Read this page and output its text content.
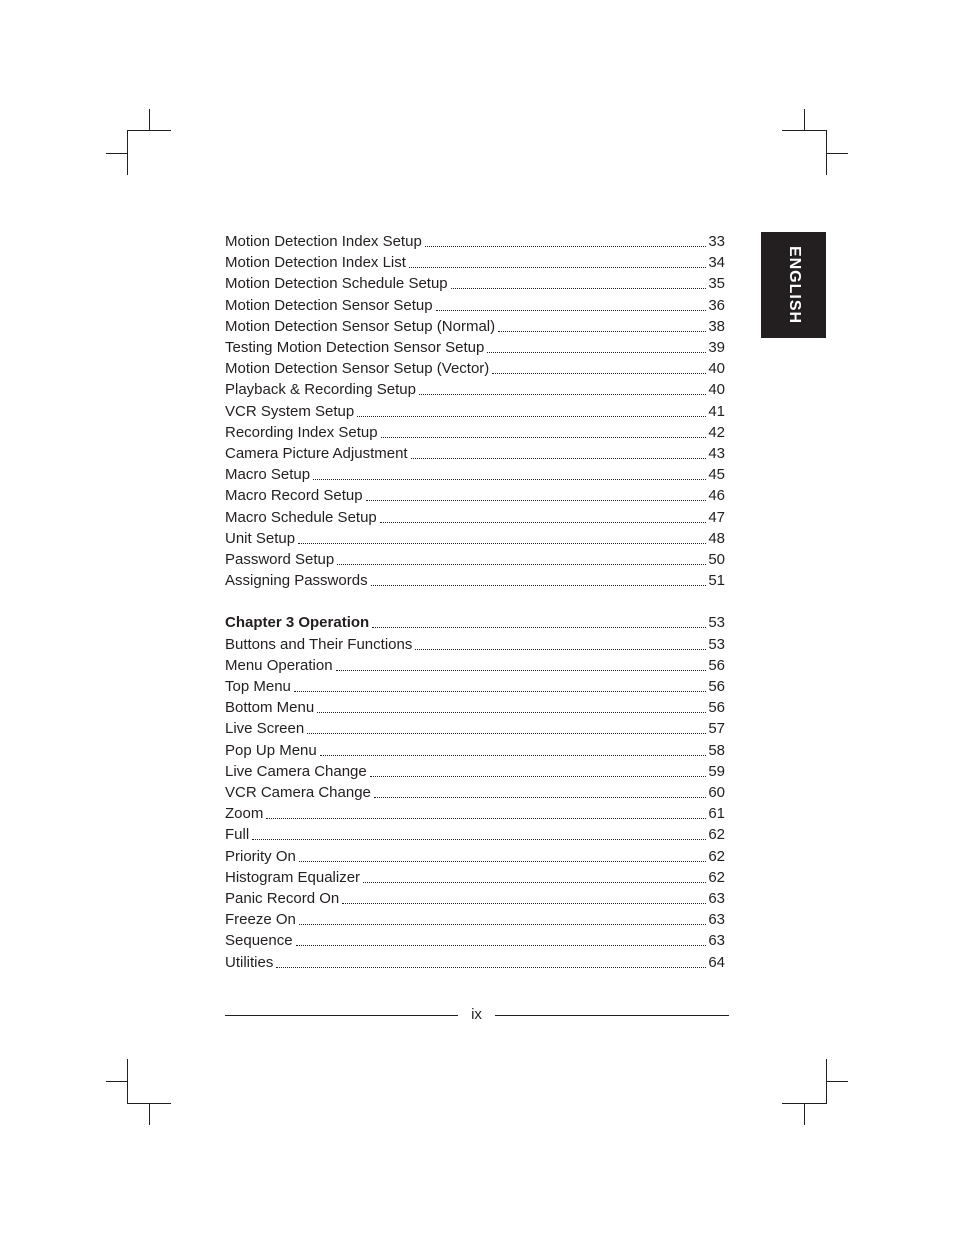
ENGLISH
Motion Detection Index Setup	33
Motion Detection Index List	34
Motion Detection Schedule Setup	35
Motion Detection Sensor Setup	36
Motion Detection Sensor Setup (Normal)	38
Testing Motion Detection Sensor Setup	39
Motion Detection Sensor Setup (Vector)	40
Playback & Recording Setup	40
VCR System Setup	41
Recording Index Setup	42
Camera Picture Adjustment	43
Macro Setup	45
Macro Record Setup	46
Macro Schedule Setup	47
Unit Setup	48
Password Setup	50
Assigning Passwords	51
Chapter 3 Operation	53
Buttons and Their Functions	53
Menu Operation	56
Top Menu	56
Bottom Menu	56
Live Screen	57
Pop Up Menu	58
Live Camera Change	59
VCR Camera Change	60
Zoom	61
Full	62
Priority On	62
Histogram Equalizer	62
Panic Record On	63
Freeze On	63
Sequence	63
Utilities	64
ix
